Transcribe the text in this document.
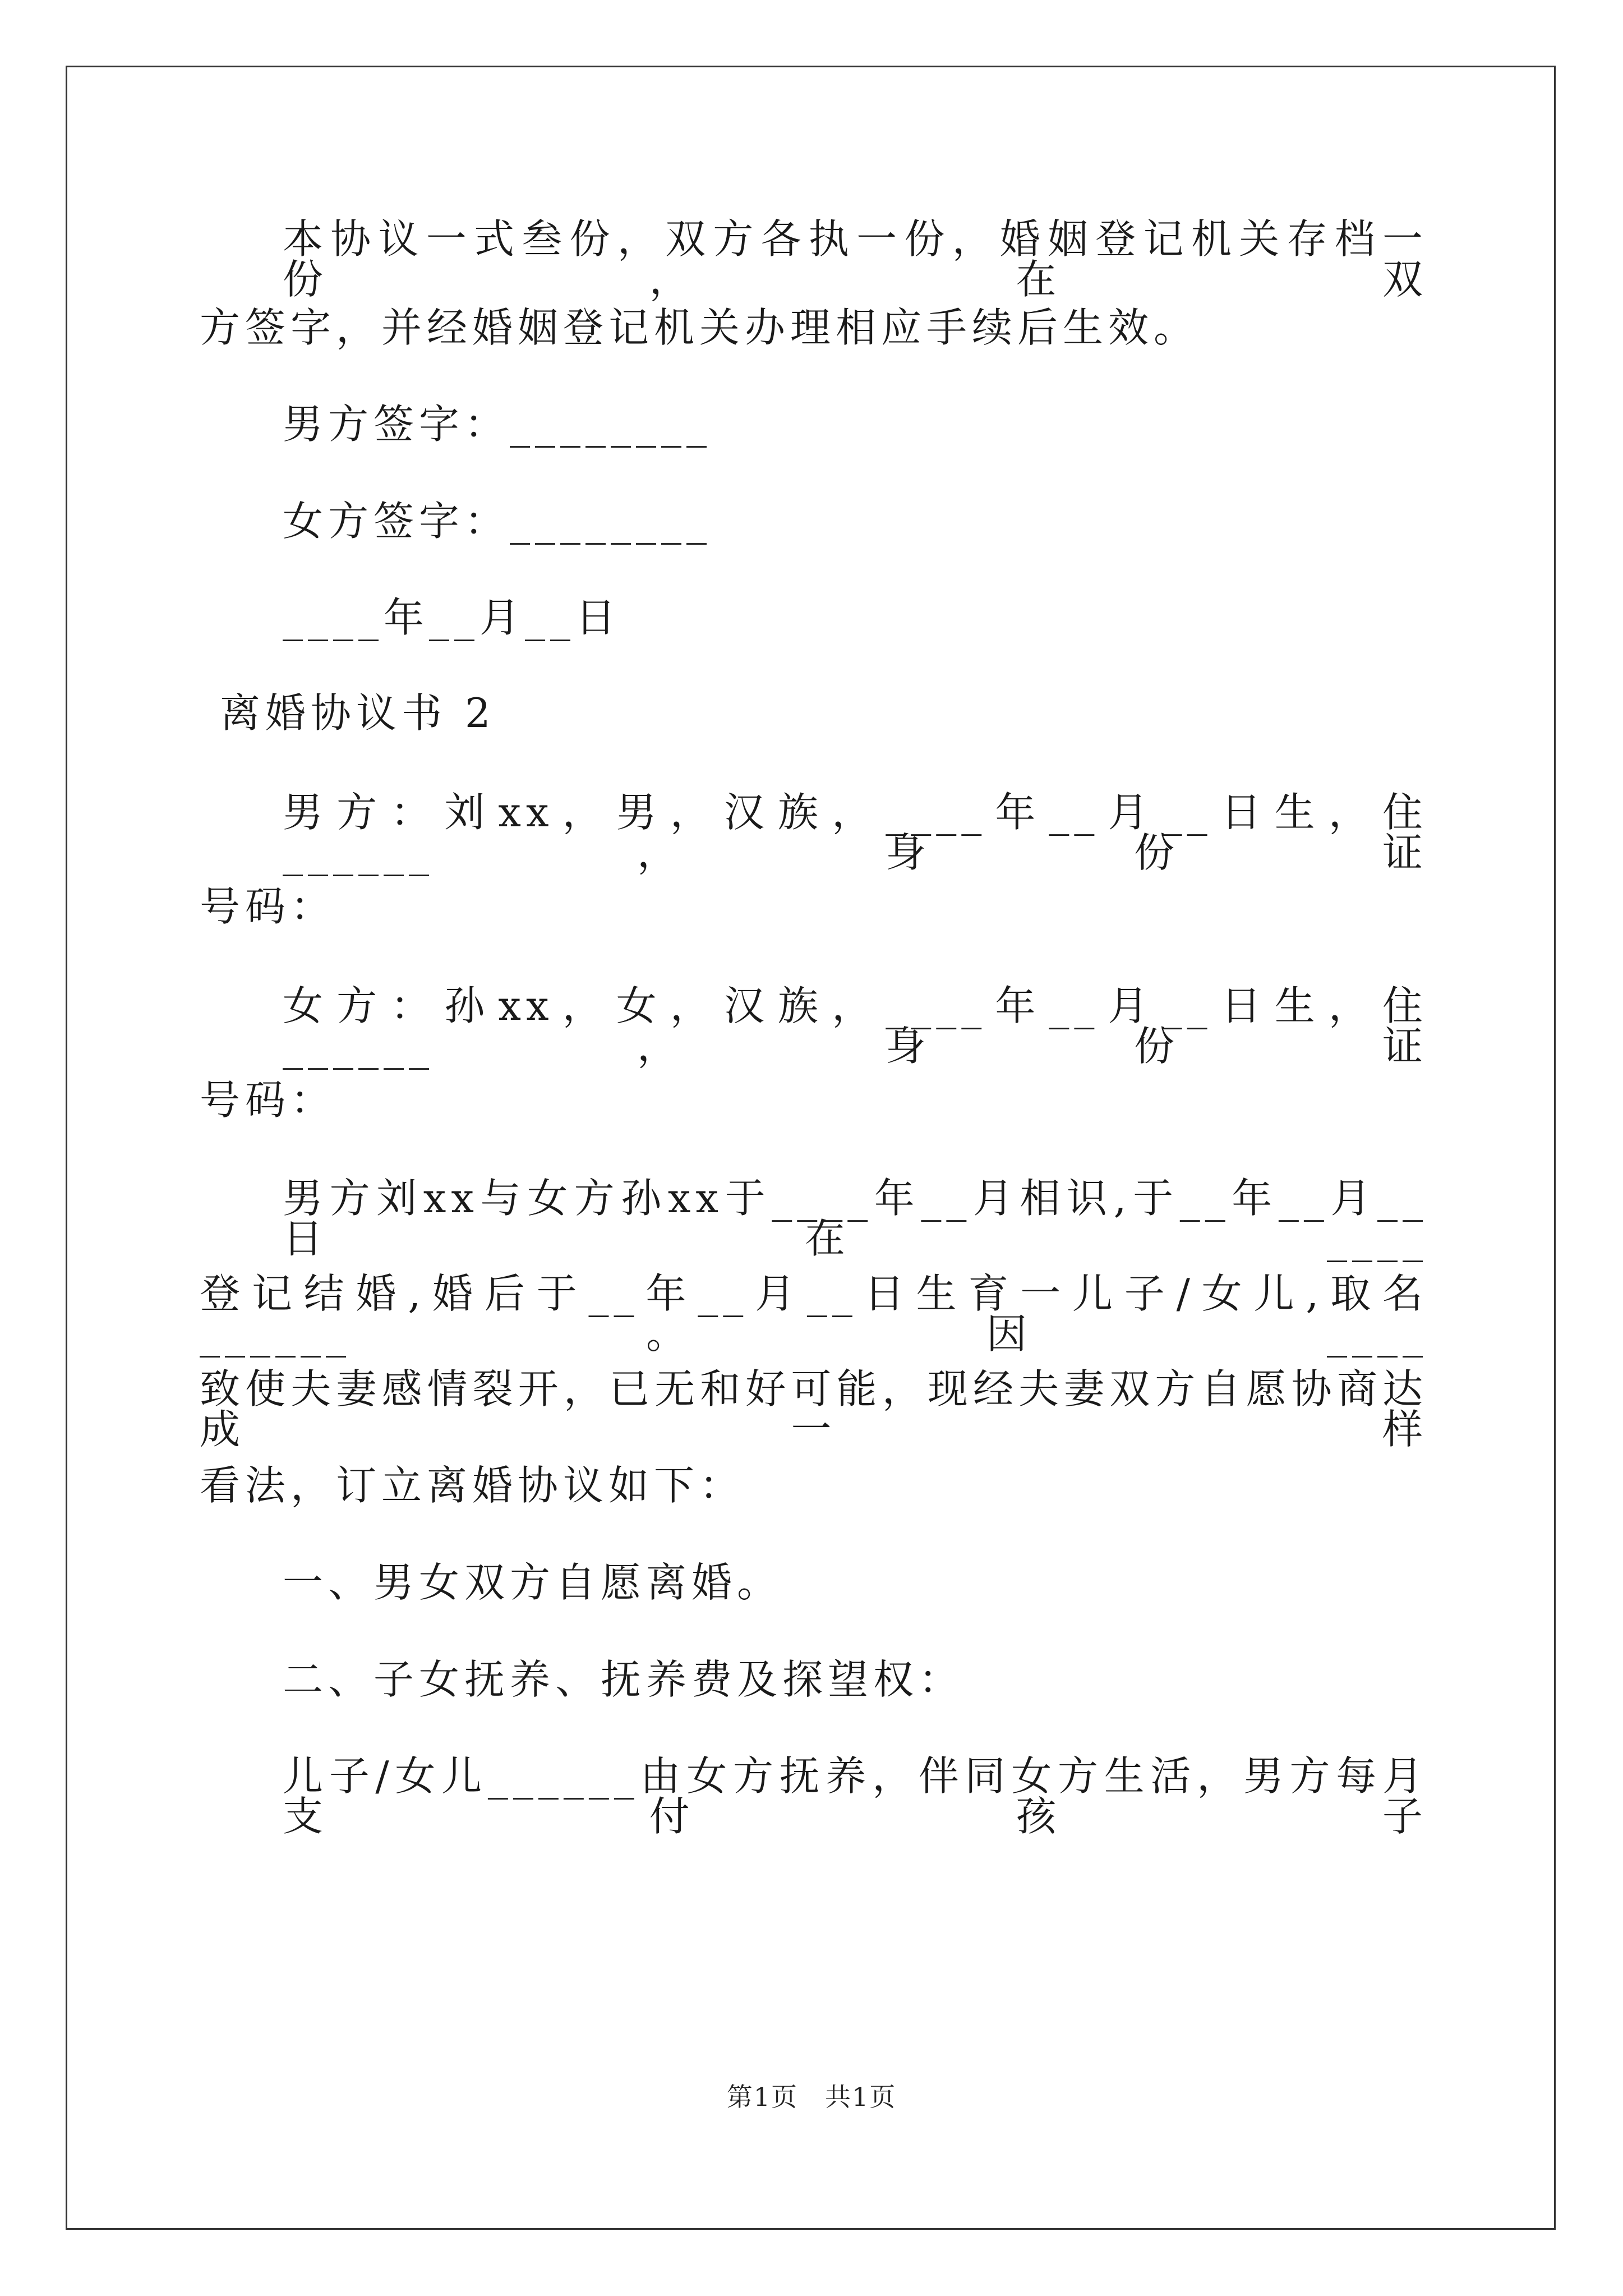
本协议一式叁份，双方各执一份，婚姻登记机关存档一份，在双
方签字，并经婚姻登记机关办理相应手续后生效。
男方签字：________
女方签字：________
____年__月__日
离婚协议书 2
男方：刘xx，男，汉族，____年__月__日生，住______，身份证
号码：
女方：孙xx，女，汉族，____年__月__日生，住______，身份证
号码：
男方刘xx与女方孙xx于____年__月相识,于__年__月__日在____
登记结婚,婚后于__年__月__日生育一儿子/女儿,取名______。因____
致使夫妻感情裂开，已无和好可能，现经夫妻双方自愿协商达成一样
看法，订立离婚协议如下：
一、男女双方自愿离婚。
二、子女抚养、抚养费及探望权：
儿子/女儿______由女方抚养，伴同女方生活，男方每月支付孩子
第1页 共1页
